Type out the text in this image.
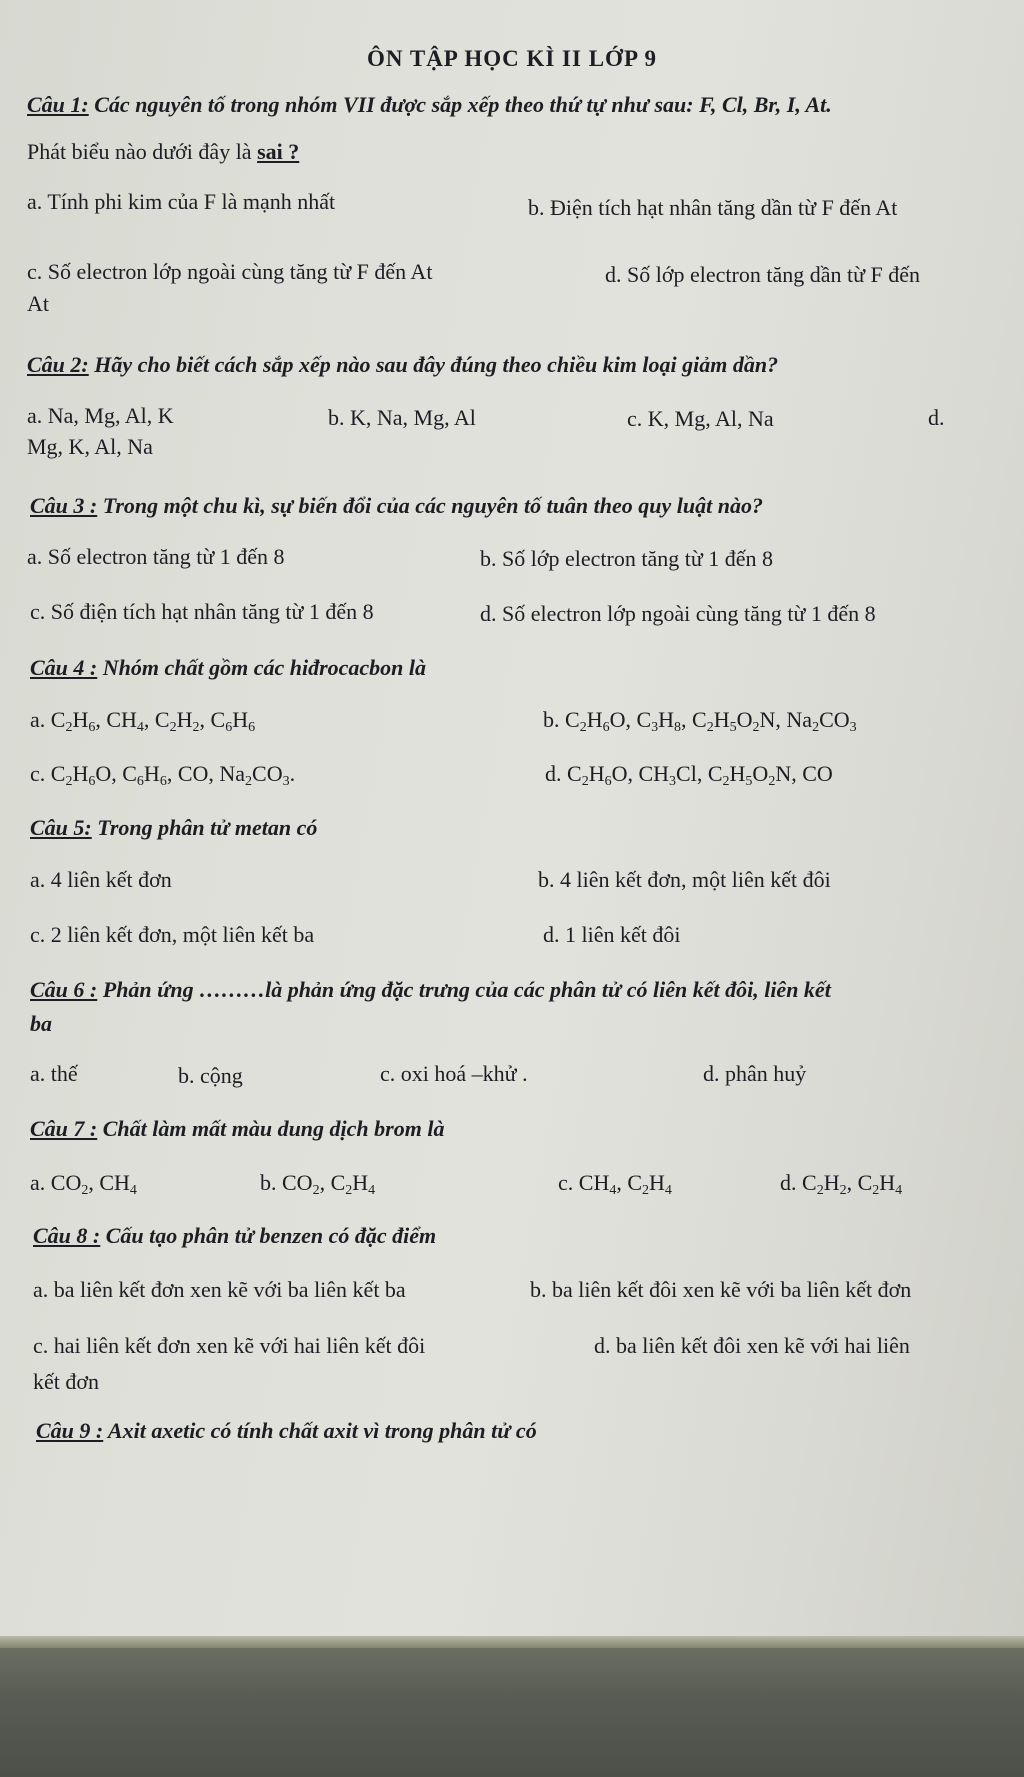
ÔN TẬP HỌC KÌ II LỚP 9
Câu 1: Các nguyên tố trong nhóm VII được sắp xếp theo thứ tự như sau: F, Cl, Br, I, At.
Phát biểu nào dưới đây là sai ?
a. Tính phi kim của F là mạnh nhất	b. Điện tích hạt nhân tăng dần từ F đến At
c. Số electron lớp ngoài cùng tăng từ F đến At	d. Số lớp electron tăng dần từ F đến
At
Câu 2: Hãy cho biết cách sắp xếp nào sau đây đúng theo chiều kim loại giảm dần?
a. Na, Mg, Al, K	b. K, Na, Mg, Al	c. K, Mg, Al, Na	d.
Mg, K, Al, Na
Câu 3 : Trong một chu kì, sự biến đổi của các nguyên tố tuân theo quy luật nào?
a. Số electron tăng từ 1 đến 8	b. Số lớp electron tăng từ 1 đến 8
c. Số điện tích hạt nhân tăng từ 1 đến 8	d. Số electron lớp ngoài cùng tăng từ 1 đến 8
Câu 4 : Nhóm chất gồm các hiđrocacbon là
a. $C_2H_6$, $CH_4$, $C_2H_2$, $C_6H_6$	b. $C_2H_6O$, $C_3H_8$, $C_2H_5O_2N$, $Na_2CO_3$
c. $C_2H_6O$, $C_6H_6$, CO, $Na_2CO_3$.	d. $C_2H_6O$, $CH_3Cl$, $C_2H_5O_2N$, CO
Câu 5: Trong phân tử metan có
a. 4 liên kết đơn	b. 4 liên kết đơn, một liên kết đôi
c. 2 liên kết đơn, một liên kết ba	d. 1 liên kết đôi
Câu 6 : Phản ứng ………là phản ứng đặc trưng của các phân tử có liên kết đôi, liên kết
ba
a. thế	b. cộng	c. oxi hoá –khử .	d. phân huỷ
Câu 7 : Chất làm mất màu dung dịch brom là
a. $CO_2$, $CH_4$	b. $CO_2$, $C_2H_4$	c. $CH_4$, $C_2H_4$	d. $C_2H_2$, $C_2H_4$
Câu 8 : Cấu tạo phân tử benzen có đặc điểm
a. ba liên kết đơn xen kẽ với ba liên kết ba	b. ba liên kết đôi xen kẽ với ba liên kết đơn
c. hai liên kết đơn xen kẽ với hai liên kết đôi	d. ba liên kết đôi xen kẽ với hai liên
kết đơn
Câu 9 : Axit axetic có tính chất axit vì trong phân tử có
